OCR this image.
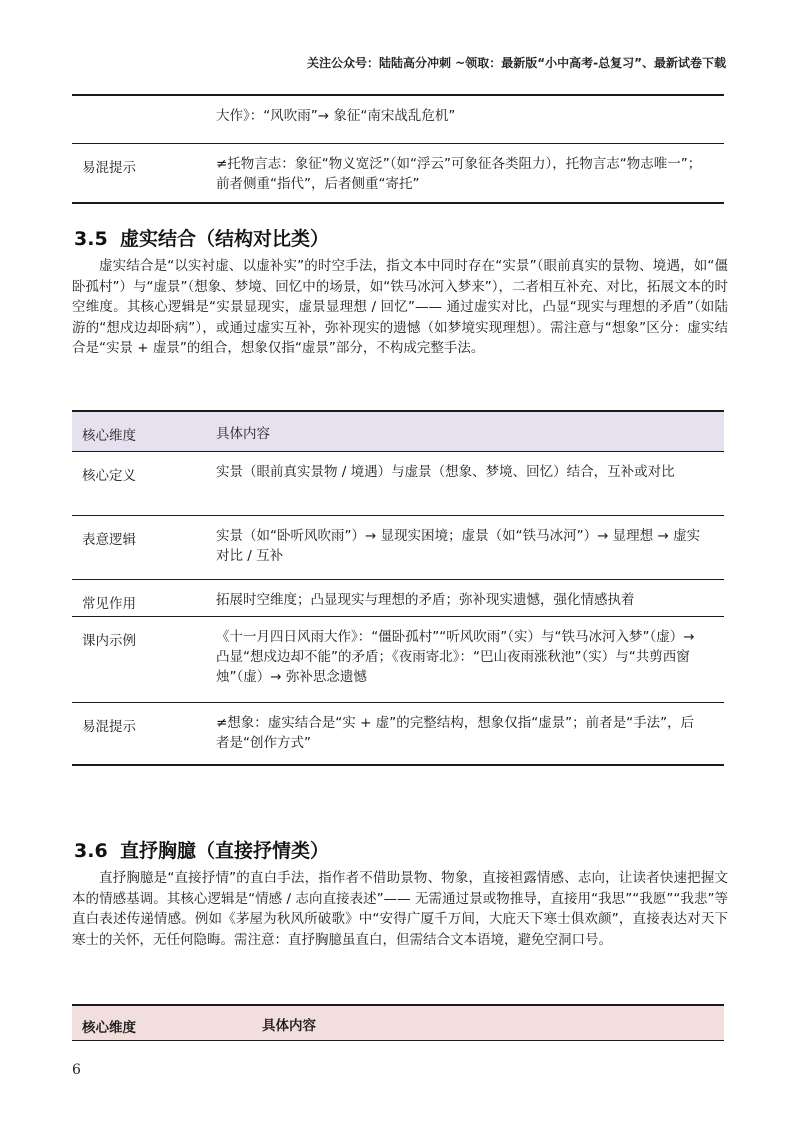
关注公众号：陆陆高分冲刺 ~领取：最新版“小中高考-总复习”、最新试卷下载
大作》：“风吹雨”→ 象征“南宋战乱危机”
易混提示	≠托物言志：象征“物义宽泛”（如“浮云”可象征各类阻力），托物言志“物志唯一”；前者侧重“指代”，后者侧重“寄托”
3.5 虚实结合（结构对比类）

虚实结合是“以实衬虚、以虚补实”的时空手法，指文本中同时存在“实景”（眼前真实的景物、境遇，如“僵卧孤村”）与“虚景”（想象、梦境、回忆中的场景，如“铁马冰河入梦来”），二者相互补充、对比，拓展文本的时空维度。其核心逻辑是“实景显现实，虚景显理想 / 回忆”—— 通过虚实对比，凸显“现实与理想的矛盾”（如陆游的“想戍边却卧病”），或通过虚实互补，弥补现实的遗憾（如梦境实现理想）。需注意与“想象”区分：虚实结合是“实景 + 虚景”的组合，想象仅指“虚景”部分，不构成完整手法。

核心维度	具体内容
核心定义	实景（眼前真实景物 / 境遇）与虚景（想象、梦境、回忆）结合，互补或对比
表意逻辑	实景（如“卧听风吹雨”）→ 显现实困境；虚景（如“铁马冰河”）→ 显理想 → 虚实对比 / 互补
常见作用	拓展时空维度；凸显现实与理想的矛盾；弥补现实遗憾，强化情感执着
课内示例	《十一月四日风雨大作》：“僵卧孤村”“听风吹雨”（实）与“铁马冰河入梦”（虚）→ 凸显“想戍边却不能”的矛盾；《夜雨寄北》：“巴山夜雨涨秋池”（实）与“共剪西窗烛”（虚）→ 弥补思念遗憾
易混提示	≠想象：虚实结合是“实 + 虚”的完整结构，想象仅指“虚景”；前者是“手法”，后者是“创作方式”
3.6 直抒胸臆（直接抒情类）

直抒胸臆是“直接抒情”的直白手法，指作者不借助景物、物象，直接袒露情感、志向，让读者快速把握文本的情感基调。其核心逻辑是“情感 / 志向直接表述”—— 无需通过景或物推导，直接用“我思”“我愿”“我悲”等直白表述传递情感。例如《茅屋为秋风所破歌》中“安得广厦千万间，大庇天下寒士俱欢颜”，直接表达对天下寒士的关怀，无任何隐晦。需注意：直抒胸臆虽直白，但需结合文本语境，避免空洞口号。

核心维度	具体内容
6
